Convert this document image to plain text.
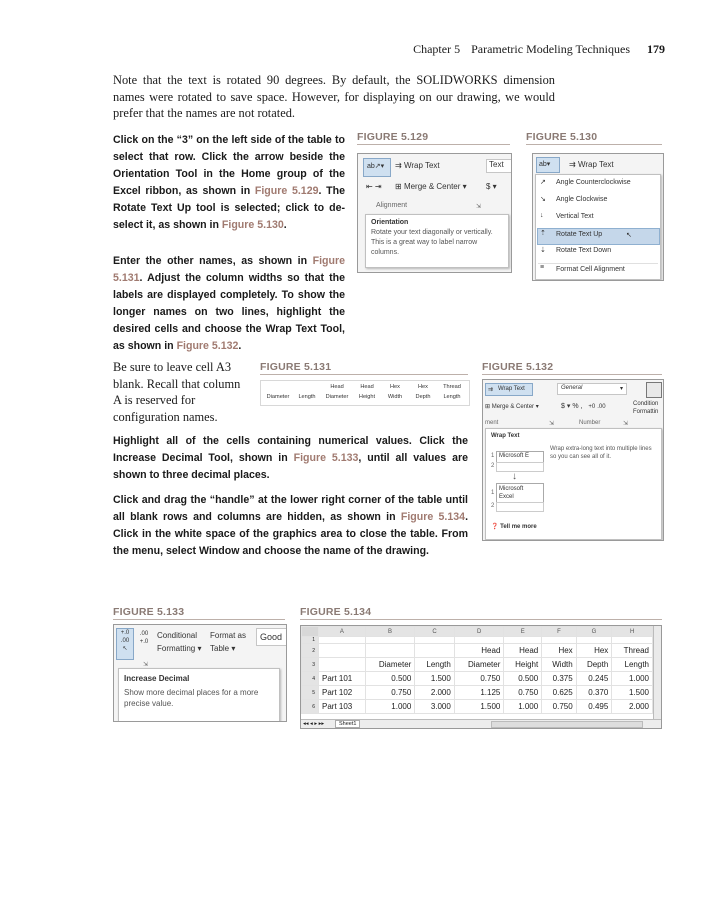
Chapter 5 Parametric Modeling Techniques 179
Note that the text is rotated 90 degrees. By default, the SOLIDWORKS dimension names were rotated to save space. However, for displaying on our drawing, we would prefer that the names are not rotated.
Click on the “3” on the left side of the table to select that row. Click the arrow beside the Orientation Tool in the Home group of the Excel ribbon, as shown in Figure 5.129. The Rotate Text Up tool is selected; click to de-select it, as shown in Figure 5.130.
Enter the other names, as shown in Figure 5.131. Adjust the column widths so that the labels are displayed completely. To show the longer names on two lines, highlight the desired cells and choose the Wrap Text Tool, as shown in Figure 5.132.
Be sure to leave cell A3 blank. Recall that column A is reserved for configuration names.
Highlight all of the cells containing numerical values. Click the Increase Decimal Tool, shown in Figure 5.133, until all values are shown to three decimal places.
Click and drag the “handle” at the lower right corner of the table until all blank rows and columns are hidden, as shown in Figure 5.134. Click in the white space of the graphics area to close the table. From the menu, select Window and choose the name of the drawing.
FIGURE 5.129
ab↗▾ ⇉ Wrap Text	Text
⇤ ⇥ ⊞ Merge & Center ▾ $ ▾
Alignment	⇲
Orientation
Rotate your text diagonally or vertically. This is a great way to label narrow columns.
FIGURE 5.130
ab▾ ⇉ Wrap Text
↗ Angle Counterclockwise
↘ Angle Clockwise
↓ Vertical Text
⇡ Rotate Text Up	↖
⇣ Rotate Text Down
≡ Format Cell Alignment
FIGURE 5.131
Head	Head	Hex	Hex	Thread
Diameter	Length	Diameter	Height	Width	Depth	Length
FIGURE 5.132
⇉ Wrap Text	General	▾
⊞ Merge & Center ▾	$ ▾ % , +0 .00	Condition
Formattin
ment	⇲	Number	⇲
Wrap Text
Wrap extra-long text into multiple lines so you can see all of it.
1 Microsoft E
2
↓
1
Microsoft
Excel
2
❓ Tell me more
FIGURE 5.133
+.0 .00
↖
.00 +.0
Conditional
Formatting ▾
Format as
Table ▾
Good
⇲
Increase Decimal
Show more decimal places for a more precise value.
FIGURE 5.134
	A	B	C	D	E	F	G	H
1								
2				Head	Head	Hex	Hex	Thread
3		Diameter	Length	Diameter	Height	Width	Depth	Length
4	Part 101	0.500	1.500	0.750	0.500	0.375	0.245	1.000
5	Part 102	0.750	2.000	1.125	0.750	0.625	0.370	1.500
6	Part 103	1.000	3.000	1.500	1.000	0.750	0.495	2.000
◂◂ ◂ ▸ ▸▸	Sheet1
